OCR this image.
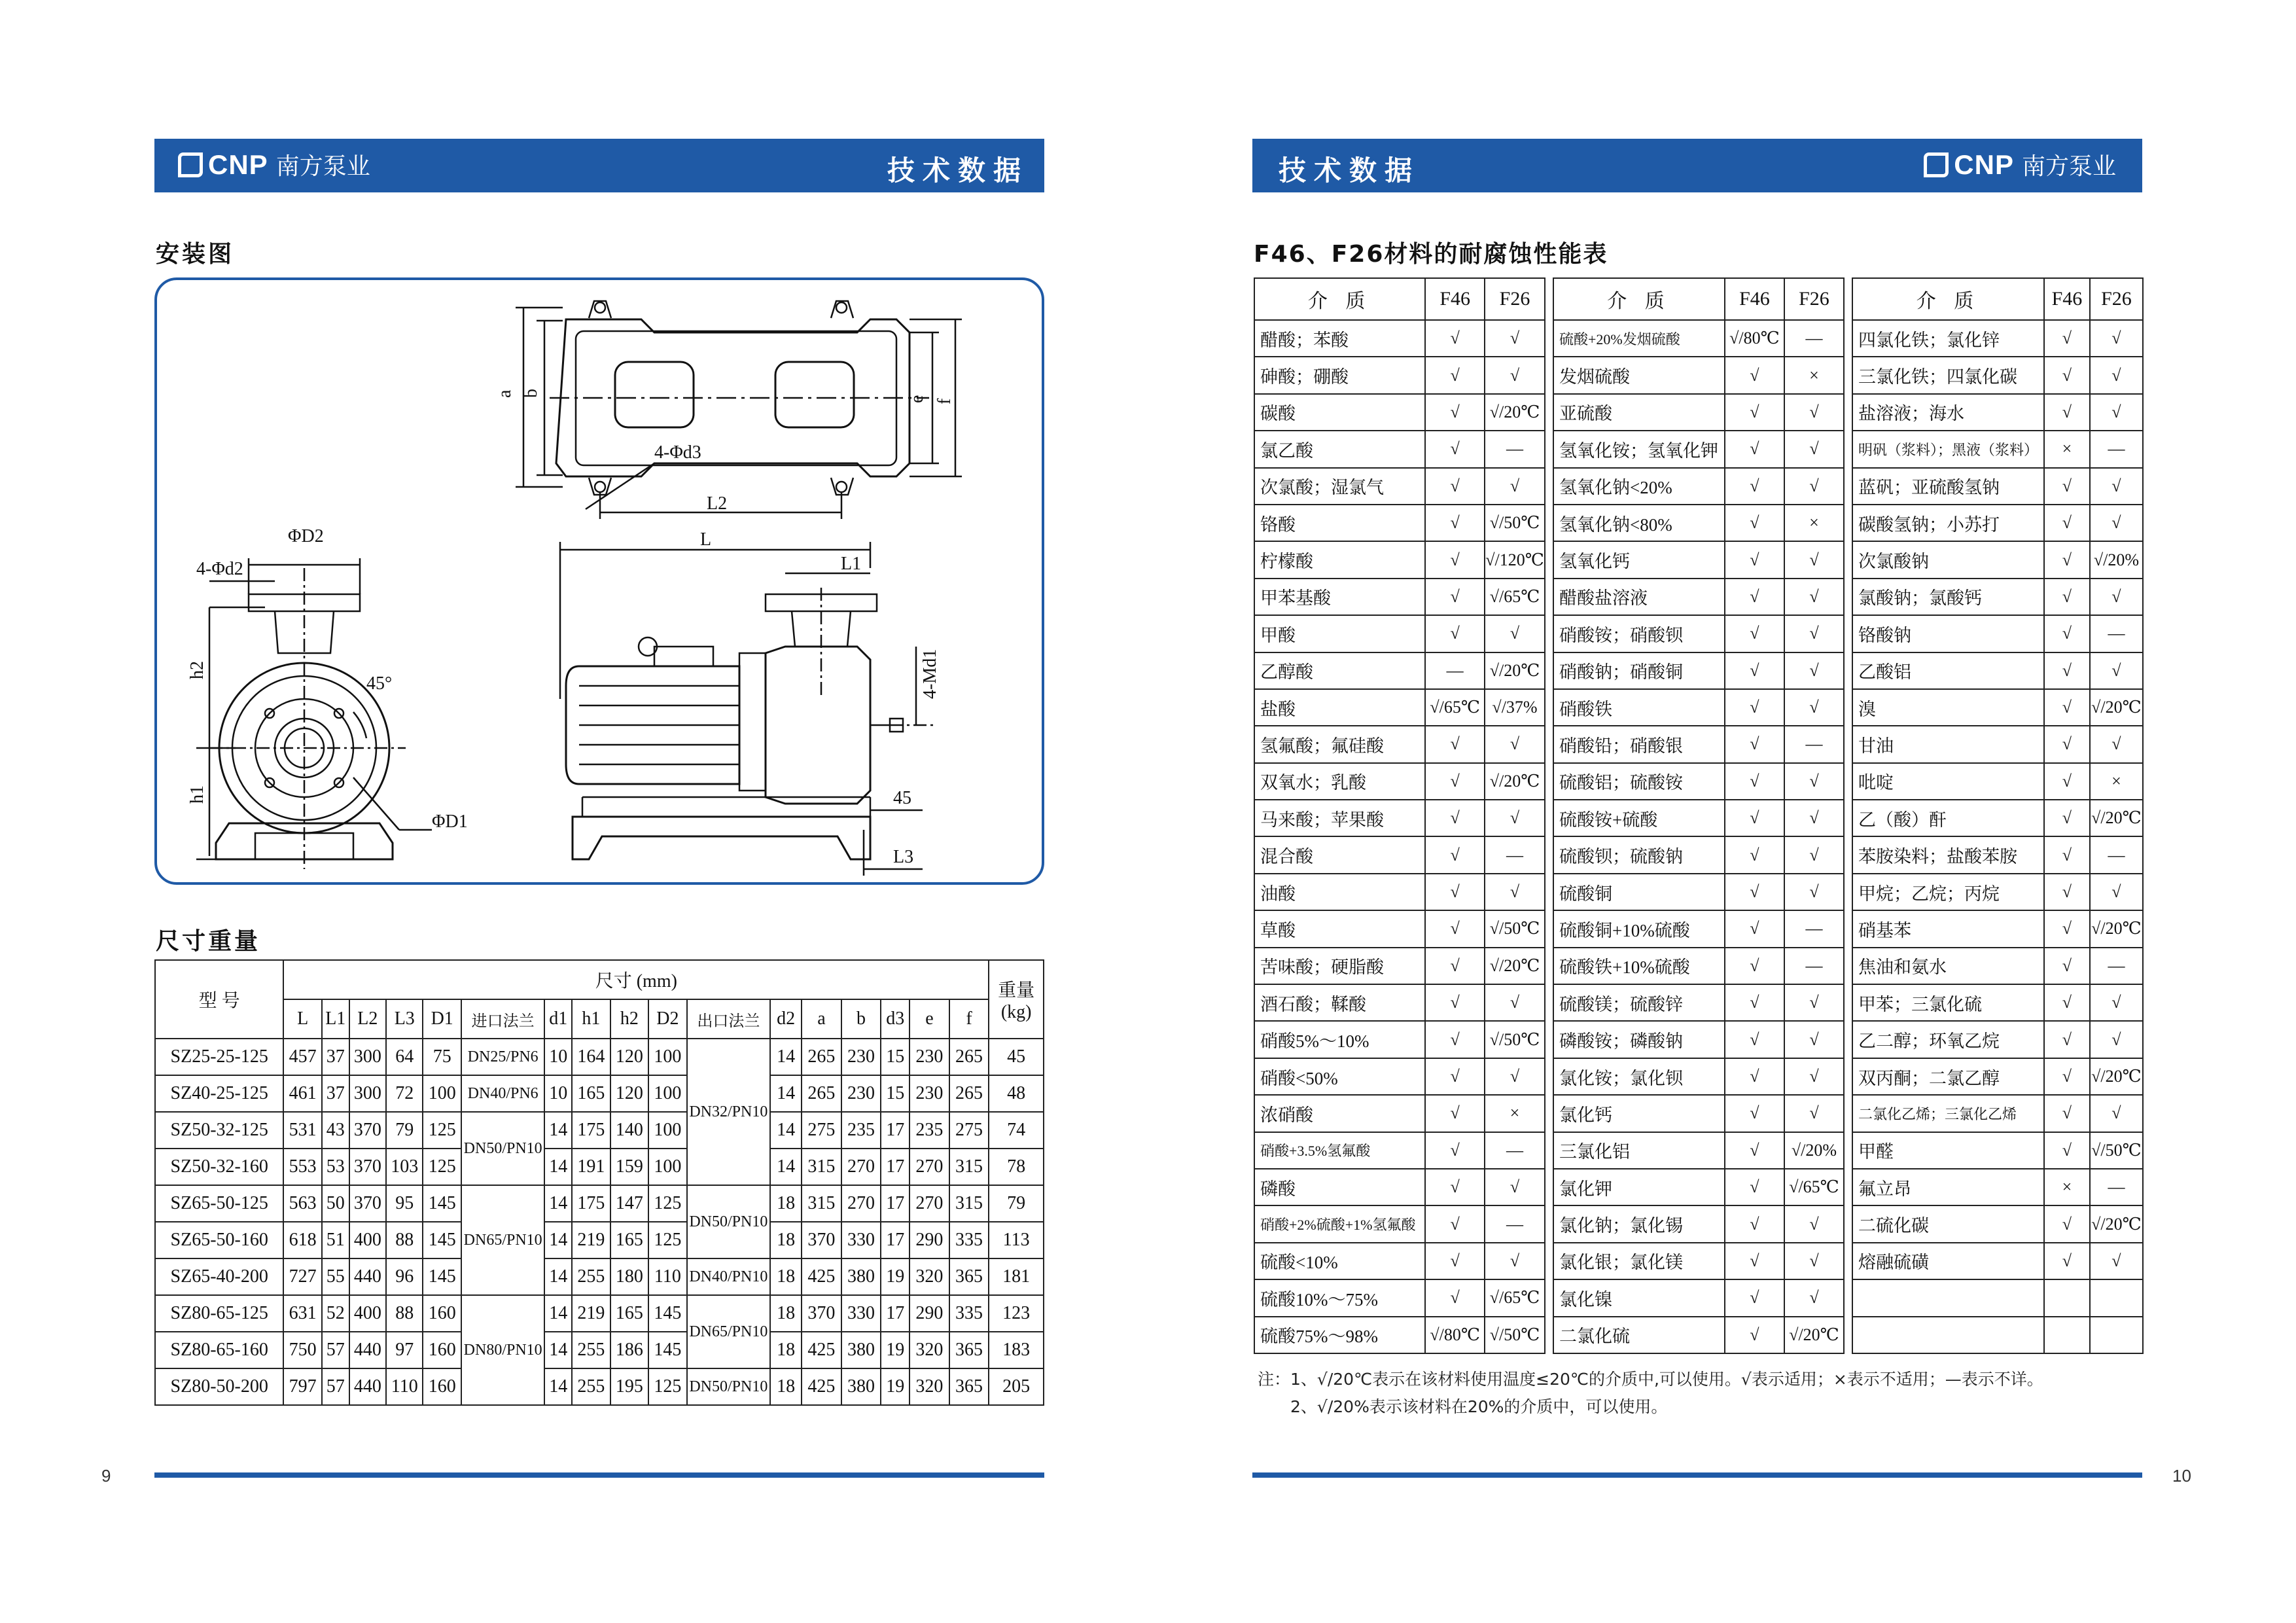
CNP 南方泵业	技术数据	技术数据	CNP 南方泵业
安装图
a b
e f
4-Φd3
L2
L
L1
ΦD2
4-Φd2
h2
h1
45°
ΦD1
4-Md1
45
L3
尺寸重量
型 号	尺寸 (mm)																	重量
(kg)
	L	L1	L2	L3	D1	进口法兰	d1	h1	h2	D2	出口法兰	d2	a	b	d3	e	f	
SZ25-25-125	457	37	300	64	75	DN25/PN6	10	164	120	100	DN32/PN10	14	265	230	15	230	265	45
SZ40-25-125	461	37	300	72	100	DN40/PN6	10	165	120	100		14	265	230	15	230	265	48
SZ50-32-125	531	43	370	79	125	DN50/PN10	14	175	140	100		14	275	235	17	235	275	74
SZ50-32-160	553	53	370	103	125		14	191	159	100		14	315	270	17	270	315	78
SZ65-50-125	563	50	370	95	145	DN65/PN10	14	175	147	125	DN50/PN10	18	315	270	17	270	315	79
SZ65-50-160	618	51	400	88	145		14	219	165	125		18	370	330	17	290	335	113
SZ65-40-200	727	55	440	96	145		14	255	180	110	DN40/PN10	18	425	380	19	320	365	181
SZ80-65-125	631	52	400	88	160	DN80/PN10	14	219	165	145	DN65/PN10	18	370	330	17	290	335	123
SZ80-65-160	750	57	440	97	160		14	255	186	145		18	425	380	19	320	365	183
SZ80-50-200	797	57	440	110	160		14	255	195	125	DN50/PN10	18	425	380	19	320	365	205
9
F46、F26材料的耐腐蚀性能表
介 质	F46	F26
醋酸；苯酸	√	√
砷酸；硼酸	√	√
碳酸	√	√/20℃
氯乙酸	√	—
次氯酸；湿氯气	√	√
铬酸	√	√/50℃
柠檬酸	√	√/120℃
甲苯基酸	√	√/65℃
甲酸	√	√
乙醇酸	—	√/20℃
盐酸	√/65℃	√/37%
氢氟酸；氟硅酸	√	√
双氧水；乳酸	√	√/20℃
马来酸；苹果酸	√	√
混合酸	√	—
油酸	√	√
草酸	√	√/50℃
苦味酸；硬脂酸	√	√/20℃
酒石酸；鞣酸	√	√
硝酸5%～10%	√	√/50℃
硝酸<50%	√	√
浓硝酸	√	×
硝酸+3.5%氢氟酸	√	—
磷酸	√	√
硝酸+2%硫酸+1%氢氟酸	√	—
硫酸<10%	√	√
硫酸10%～75%	√	√/65℃
硫酸75%～98%	√/80℃	√/50℃
介 质	F46	F26
硫酸+20%发烟硫酸	√/80℃	—
发烟硫酸	√	×
亚硫酸	√	√
氢氧化铵；氢氧化钾	√	√
氢氧化钠<20%	√	√
氢氧化钠<80%	√	×
氢氧化钙	√	√
醋酸盐溶液	√	√
硝酸铵；硝酸钡	√	√
硝酸钠；硝酸铜	√	√
硝酸铁	√	√
硝酸铅；硝酸银	√	—
硫酸铝；硫酸铵	√	√
硫酸铵+硫酸	√	√
硫酸钡；硫酸钠	√	√
硫酸铜	√	√
硫酸铜+10%硫酸	√	—
硫酸铁+10%硫酸	√	—
硫酸镁；硫酸锌	√	√
磷酸铵；磷酸钠	√	√
氯化铵；氯化钡	√	√
氯化钙	√	√
三氯化铝	√	√/20%
氯化钾	√	√/65℃
氯化钠；氯化锡	√	√
氯化银；氯化镁	√	√
氯化镍	√	√
二氯化硫	√	√/20℃
介 质	F46	F26
四氯化铁；氯化锌	√	√
三氯化铁；四氯化碳	√	√
盐溶液；海水	√	√
明矾（浆料）；黑液（浆料）	×	—
蓝矾；亚硫酸氢钠	√	√
碳酸氢钠；小苏打	√	√
次氯酸钠	√	√/20%
氯酸钠；氯酸钙	√	√
铬酸钠	√	—
乙酸铝	√	√
溴	√	√/20℃
甘油	√	√
吡啶	√	×
乙（酸）酐	√	√/20℃
苯胺染料；盐酸苯胺	√	—
甲烷；乙烷；丙烷	√	√
硝基苯	√	√/20℃
焦油和氨水	√	—
甲苯；三氯化硫	√	√
乙二醇；环氧乙烷	√	√
双丙酮；二氯乙醇	√	√/20℃
二氯化乙烯；三氯化乙烯	√	√
甲醛	√	√/50℃
氟立昂	×	—
二硫化碳	√	√/20℃
熔融硫磺	√	√

注：1、√/20℃表示在该材料使用温度≤20℃的介质中,可以使用。√表示适用；×表示不适用；—表示不详。
2、√/20%表示该材料在20%的介质中，可以使用。
10
